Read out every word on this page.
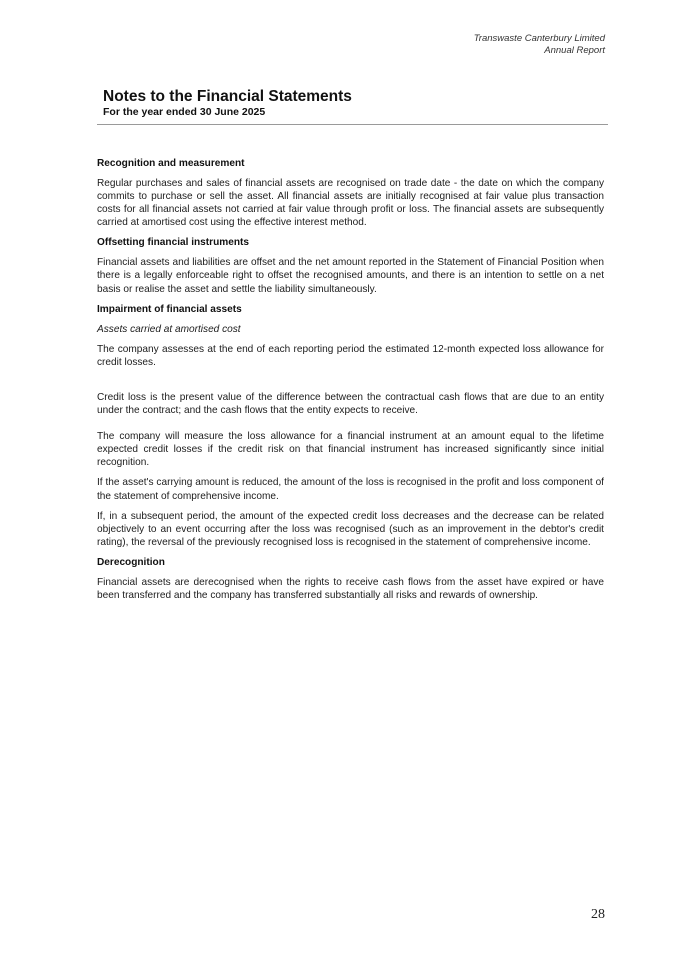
Transwaste Canterbury Limited
Annual Report
Notes to the Financial Statements
For the year ended 30 June 2025
Recognition and measurement

Regular purchases and sales of financial assets are recognised on trade date - the date on which the company commits to purchase or sell the asset. All financial assets are initially recognised at fair value plus transaction costs for all financial assets not carried at fair value through profit or loss. The financial assets are subsequently carried at amortised cost using the effective interest method.

Offsetting financial instruments

Financial assets and liabilities are offset and the net amount reported in the Statement of Financial Position when there is a legally enforceable right to offset the recognised amounts, and there is an intention to settle on a net basis or realise the asset and settle the liability simultaneously.

Impairment of financial assets
Assets carried at amortised cost

The company assesses at the end of each reporting period the estimated 12-month expected loss allowance for credit losses.

Credit loss is the present value of the difference between the contractual cash flows that are due to an entity under the contract; and the cash flows that the entity expects to receive.

The company will measure the loss allowance for a financial instrument at an amount equal to the lifetime expected credit losses if the credit risk on that financial instrument has increased significantly since initial recognition.

If the asset's carrying amount is reduced, the amount of the loss is recognised in the profit and loss component of the statement of comprehensive income.

If, in a subsequent period, the amount of the expected credit loss decreases and the decrease can be related objectively to an event occurring after the loss was recognised (such as an improvement in the debtor's credit rating), the reversal of the previously recognised loss is recognised in the statement of comprehensive income.

Derecognition

Financial assets are derecognised when the rights to receive cash flows from the asset have expired or have been transferred and the company has transferred substantially all risks and rewards of ownership.

28
